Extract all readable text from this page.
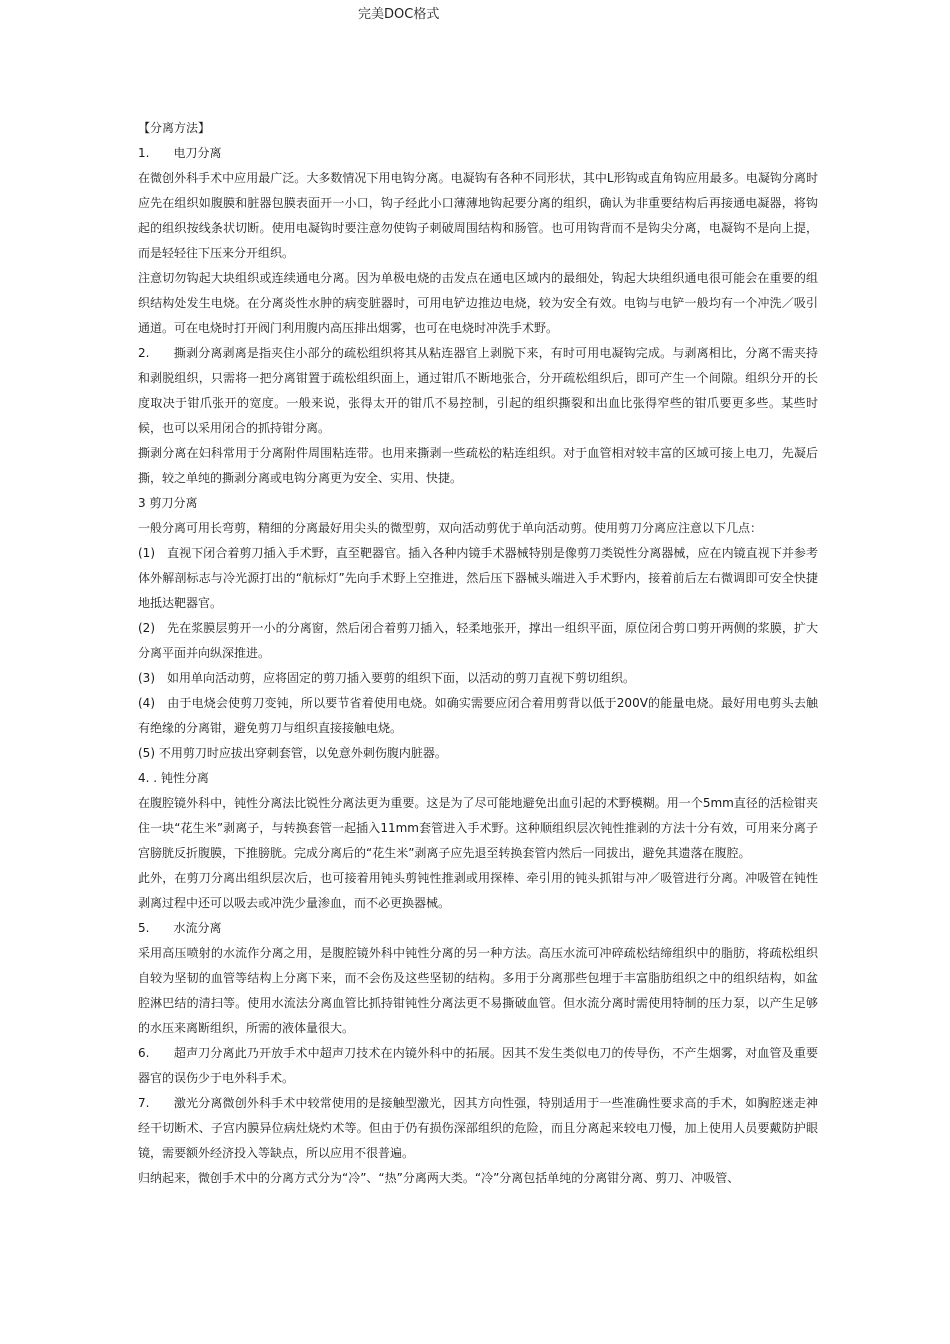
完美DOC格式

【分离方法】

1.　　电刀分离

在微创外科手术中应用最广泛。大多数情况下用电钩分离。电凝钩有各种不同形状，其中L形钩或直角钩应用最多。电凝钩分离时应先在组织如腹膜和脏器包膜表面开一小口，钩子经此小口薄薄地钩起要分离的组织，确认为非重要结构后再接通电凝器，将钩起的组织按线条状切断。使用电凝钩时要注意勿使钩子刺破周围结构和肠管。也可用钩背而不是钩尖分离，电凝钩不是向上提，而是轻轻往下压来分开组织。

注意切勿钩起大块组织或连续通电分离。因为单极电烧的击发点在通电区域内的最细处，钩起大块组织通电很可能会在重要的组织结构处发生电烧。在分离炎性水肿的病变脏器时，可用电铲边推边电烧，较为安全有效。电钩与电铲一般均有一个冲洗／吸引通道。可在电烧时打开阀门利用腹内高压排出烟雾，也可在电烧时冲洗手术野。

2.　　撕剥分离剥离是指夹住小部分的疏松组织将其从粘连器官上剥脱下来，有时可用电凝钩完成。与剥离相比，分离不需夹持和剥脱组织，只需将一把分离钳置于疏松组织面上，通过钳爪不断地张合，分开疏松组织后，即可产生一个间隙。组织分开的长度取决于钳爪张开的宽度。一般来说，张得太开的钳爪不易控制，引起的组织撕裂和出血比张得窄些的钳爪要更多些。某些时候，也可以采用闭合的抓持钳分离。

撕剥分离在妇科常用于分离附件周围粘连带。也用来撕剥一些疏松的粘连组织。对于血管相对较丰富的区域可接上电刀，先凝后撕，较之单纯的撕剥分离或电钩分离更为安全、实用、快捷。

3 剪刀分离

一般分离可用长弯剪，精细的分离最好用尖头的微型剪，双向活动剪优于单向活动剪。使用剪刀分离应注意以下几点：

(1)　直视下闭合着剪刀插入手术野，直至靶器官。插入各种内镜手术器械特别是像剪刀类锐性分离器械，应在内镜直视下并参考体外解剖标志与冷光源打出的“航标灯”先向手术野上空推进，然后压下器械头端进入手术野内，接着前后左右微调即可安全快捷地抵达靶器官。

(2)　先在浆膜层剪开一小的分离窗，然后闭合着剪刀插入，轻柔地张开，撑出一组织平面，原位闭合剪口剪开两侧的浆膜，扩大分离平面并向纵深推进。

(3)　如用单向活动剪，应将固定的剪刀插入要剪的组织下面，以活动的剪刀直视下剪切组织。

(4)　由于电烧会使剪刀变钝，所以要节省着使用电烧。如确实需要应闭合着用剪背以低于200V的能量电烧。最好用电剪头去触有绝缘的分离钳，避免剪刀与组织直接接触电烧。

(5) 不用剪刀时应拔出穿刺套管，以免意外刺伤腹内脏器。

4. . 钝性分离

在腹腔镜外科中，钝性分离法比锐性分离法更为重要。这是为了尽可能地避免出血引起的术野模糊。用一个5mm直径的活检钳夹住一块“花生米”剥离子，与转换套管一起插入11mm套管进入手术野。这种顺组织层次钝性推剥的方法十分有效，可用来分离子宫膀胱反折腹膜，下推膀胱。完成分离后的“花生米”剥离子应先退至转换套管内然后一同拔出，避免其遗落在腹腔。

此外，在剪刀分离出组织层次后，也可接着用钝头剪钝性推剥或用探棒、牵引用的钝头抓钳与冲／吸管进行分离。冲吸管在钝性剥离过程中还可以吸去或冲洗少量渗血，而不必更换器械。

5.　　水流分离

采用高压喷射的水流作分离之用，是腹腔镜外科中钝性分离的另一种方法。高压水流可冲碎疏松结缔组织中的脂肪，将疏松组织自较为坚韧的血管等结构上分离下来，而不会伤及这些坚韧的结构。多用于分离那些包埋于丰富脂肪组织之中的组织结构，如盆腔淋巴结的清扫等。使用水流法分离血管比抓持钳钝性分离法更不易撕破血管。但水流分离时需使用特制的压力泵，以产生足够的水压来离断组织，所需的液体量很大。

6.　　超声刀分离此乃开放手术中超声刀技术在内镜外科中的拓展。因其不发生类似电刀的传导伤，不产生烟雾，对血管及重要器官的误伤少于电外科手术。

7.　　激光分离微创外科手术中较常使用的是接触型激光，因其方向性强，特别适用于一些准确性要求高的手术，如胸腔迷走神经干切断术、子宫内膜异位病灶烧灼术等。但由于仍有损伤深部组织的危险，而且分离起来较电刀慢，加上使用人员要戴防护眼镜，需要额外经济投入等缺点，所以应用不很普遍。

归纳起来，微创手术中的分离方式分为“冷”、“热”分离两大类。“冷”分离包括单纯的分离钳分离、剪刀、冲吸管、
